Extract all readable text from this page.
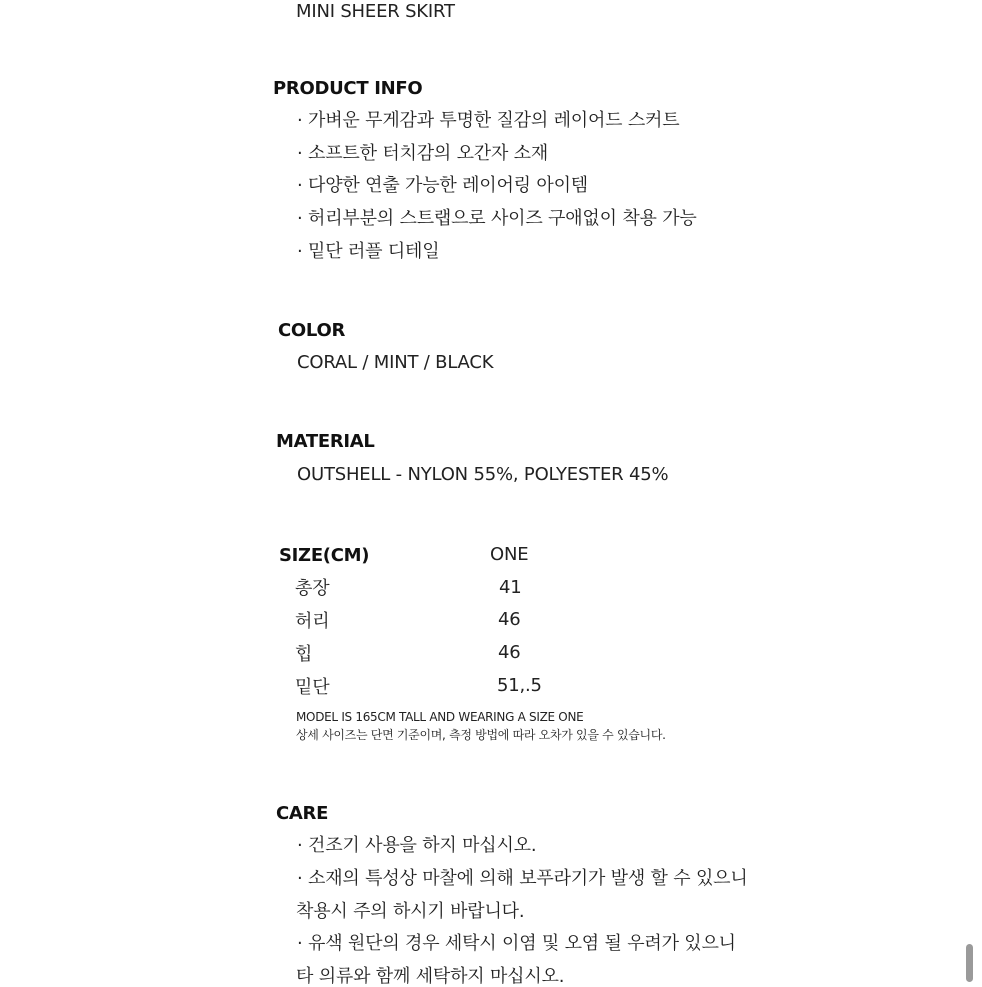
MINI SHEER SKIRT
PRODUCT INFO
· 가벼운 무게감과 투명한 질감의 레이어드 스커트
· 소프트한 터치감의 오간자 소재
· 다양한 연출 가능한 레이어링 아이템
· 허리부분의 스트랩으로 사이즈 구애없이 착용 가능
· 밑단 러플 디테일
COLOR
CORAL / MINT / BLACK
MATERIAL
OUTSHELL - NYLON 55%, POLYESTER 45%
SIZE(CM)	ONE
총장	41
허리	46
힙	46
밑단	51,.5
MODEL IS 165CM TALL AND WEARING A SIZE ONE
상세 사이즈는 단면 기준이며, 측정 방법에 따라 오차가 있을 수 있습니다.
CARE
· 건조기 사용을 하지 마십시오.
· 소재의 특성상 마찰에 의해 보푸라기가 발생 할 수 있으니
착용시 주의 하시기 바랍니다.
· 유색 원단의 경우 세탁시 이염 및 오염 될 우려가 있으니
타 의류와 함께 세탁하지 마십시오.
